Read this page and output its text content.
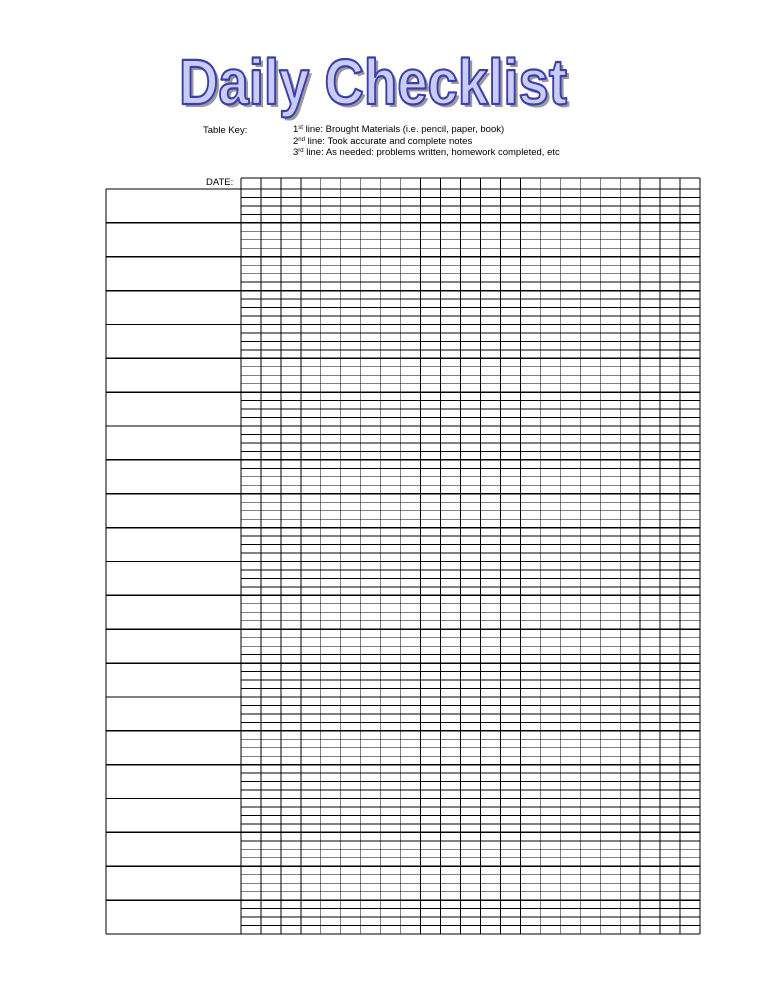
Daily Checklist
Daily Checklist
Table Key:	1st line: Brought Materials (i.e. pencil, paper, book)
2nd line: Took accurate and complete notes
3rd line: As needed: problems written, homework completed, etc
DATE:
